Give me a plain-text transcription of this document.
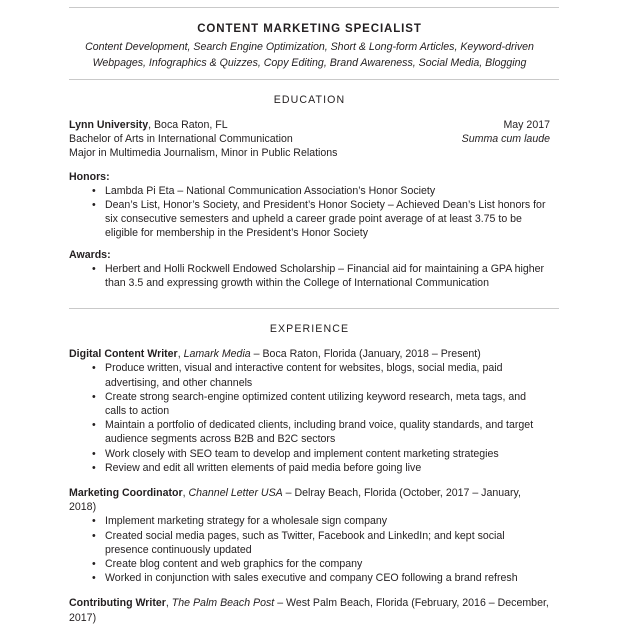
CONTENT MARKETING SPECIALIST
Content Development, Search Engine Optimization, Short & Long-form Articles, Keyword-driven
Webpages, Infographics & Quizzes, Copy Editing, Brand Awareness, Social Media, Blogging
EDUCATION
Lynn University, Boca Raton, FL	May 2017
Bachelor of Arts in International Communication	Summa cum laude
Major in Multimedia Journalism, Minor in Public Relations
Honors:
• Lambda Pi Eta – National Communication Association’s Honor Society
• Dean’s List, Honor’s Society, and President’s Honor Society – Achieved Dean’s List honors for six consecutive semesters and upheld a career grade point average of at least 3.75 to be eligible for membership in the President’s Honor Society
Awards:
• Herbert and Holli Rockwell Endowed Scholarship – Financial aid for maintaining a GPA higher than 3.5 and expressing growth within the College of International Communication
EXPERIENCE
Digital Content Writer, Lamark Media – Boca Raton, Florida (January, 2018 – Present)
• Produce written, visual and interactive content for websites, blogs, social media, paid advertising, and other channels
• Create strong search-engine optimized content utilizing keyword research, meta tags, and calls to action
• Maintain a portfolio of dedicated clients, including brand voice, quality standards, and target audience segments across B2B and B2C sectors
• Work closely with SEO team to develop and implement content marketing strategies
• Review and edit all written elements of paid media before going live
Marketing Coordinator, Channel Letter USA – Delray Beach, Florida (October, 2017 – January, 2018)
• Implement marketing strategy for a wholesale sign company
• Created social media pages, such as Twitter, Facebook and LinkedIn; and kept social presence continuously updated
• Create blog content and web graphics for the company
• Worked in conjunction with sales executive and company CEO following a brand refresh
Contributing Writer, The Palm Beach Post – West Palm Beach, Florida (February, 2016 – December, 2017)
